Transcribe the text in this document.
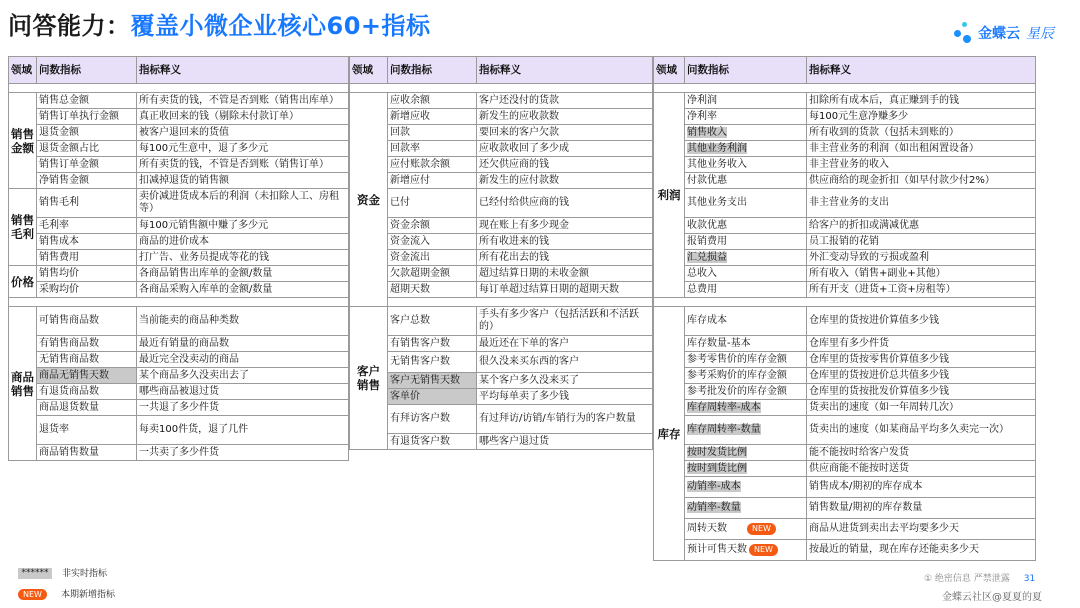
问答能力：覆盖小微企业核心60+指标	金蝶云 星辰
领域	问数指标	指标释义

销售金额	销售总金额	所有卖货的钱，不管是否到账（销售出库单）
	销售订单执行金额	真正收回来的钱（剔除未付款订单）
	退货金额	被客户退回来的货值
	退货金额占比	每100元生意中，退了多少元
	销售订单金额	所有卖货的钱，不管是否到账（销售订单）
	净销售金额	扣减掉退货的销售额
销售毛利	销售毛利	卖价减进货成本后的利润（未扣除人工、房租等）
	毛利率	每100元销售额中赚了多少元
	销售成本	商品的进价成本
	销售费用	打广告、业务员提成等花的钱
价格	销售均价	各商品销售出库单的金额/数量
	采购均价	各商品采购入库单的金额/数量

商品销售	可销售商品数	当前能卖的商品种类数
	有销售商品数	最近有销量的商品数
	无销售商品数	最近完全没卖动的商品
	商品无销售天数	某个商品多久没卖出去了
	有退货商品数	哪些商品被退过货
	商品退货数量	一共退了多少件货
	退货率	每卖100件货，退了几件
	商品销售数量	一共卖了多少件货
领域	问数指标	指标释义

资金	应收余额	客户还没付的货款
	新增应收	新发生的应收款数
	回款	要回来的客户欠款
	回款率	应收款收回了多少成
	应付账款余额	还欠供应商的钱
	新增应付	新发生的应付款数
	已付	已经付给供应商的钱
	资金余额	现在账上有多少现金
	资金流入	所有收进来的钱
	资金流出	所有花出去的钱
	欠款超期金额	超过结算日期的未收金额
	超期天数	每订单超过结算日期的超期天数

客户销售	客户总数	手头有多少客户（包括活跃和不活跃的）
	有销售客户数	最近还在下单的客户
	无销售客户数	很久没来买东西的客户
	客户无销售天数	某个客户多久没来买了
	客单价	平均每单卖了多少钱
	有拜访客户数	有过拜访/访销/车销行为的客户数量
	有退货客户数	哪些客户退过货
领域	问数指标	指标释义

利润	净利润	扣除所有成本后，真正赚到手的钱
	净利率	每100元生意净赚多少
	销售收入	所有收到的货款（包括未到账的）
	其他业务利润	非主营业务的利润（如出租闲置设备）
	其他业务收入	非主营业务的收入
	付款优惠	供应商给的现金折扣（如早付款少付2%）
	其他业务支出	非主营业务的支出
	收款优惠	给客户的折扣或满减优惠
	报销费用	员工报销的花销
	汇兑损益	外汇变动导致的亏损或盈利
	总收入	所有收入（销售+副业+其他）
	总费用	所有开支（进货+工资+房租等）

库存	库存成本	仓库里的货按进价算值多少钱
	库存数量-基本	仓库里有多少件货
	参考零售价的库存金额	仓库里的货按零售价算值多少钱
	参考采购价的库存金额	仓库里的货按进价总共值多少钱
	参考批发价的库存金额	仓库里的货按批发价算值多少钱
	库存周转率-成本	货卖出的速度（如一年周转几次）
	库存周转率-数量	货卖出的速度（如某商品平均多久卖完一次）
	按时发货比例	能不能按时给客户发货
	按时到货比例	供应商能不能按时送货
	动销率-成本	销售成本/期初的库存成本
	动销率-数量	销售数量/期初的库存数量
	周转天数 NEW	商品从进货到卖出去平均要多少天
	预计可售天数 NEW	按最近的销量，现在库存还能卖多少天
****** 非实时指标
NEW 本期新增指标
① 绝密信息 严禁泄露 31
金蝶云社区@夏夏的夏
